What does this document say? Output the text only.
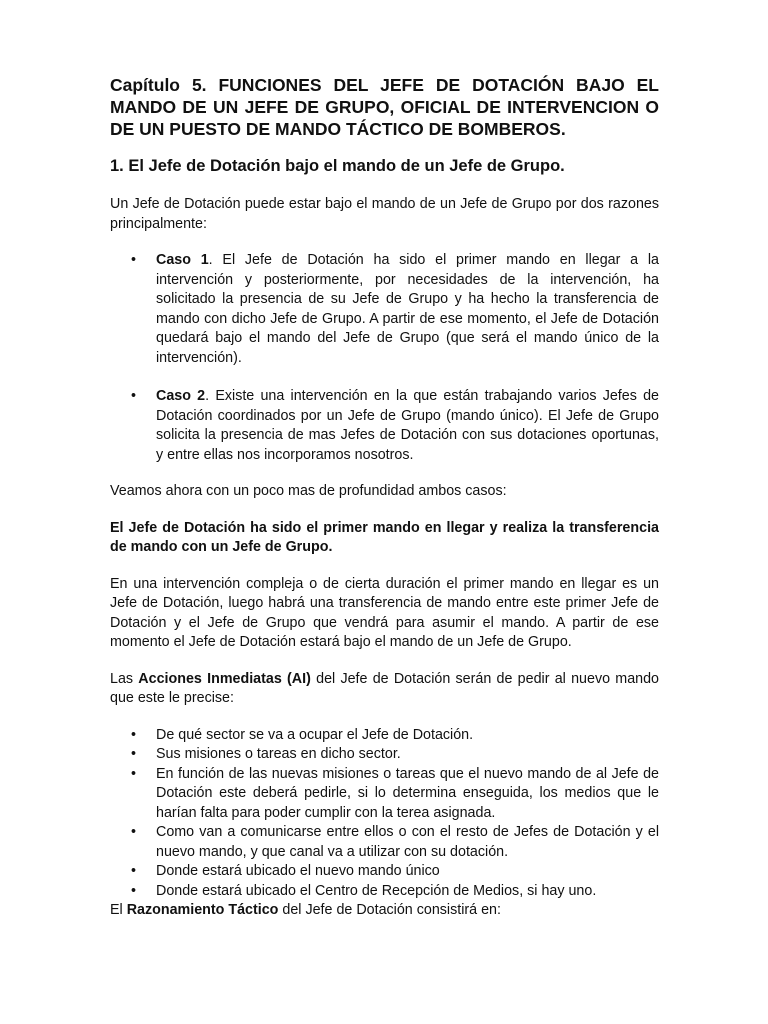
Capítulo 5. FUNCIONES DEL JEFE DE DOTACIÓN BAJO EL MANDO DE UN JEFE DE GRUPO, OFICIAL DE INTERVENCION O DE UN PUESTO DE MANDO TÁCTICO DE BOMBEROS.
1. El Jefe de Dotación bajo el mando de un Jefe de Grupo.

Un Jefe de Dotación puede estar bajo el mando de un Jefe de Grupo por dos razones principalmente:

• Caso 1. El Jefe de Dotación ha sido el primer mando en llegar a la intervención y posteriormente, por necesidades de la intervención, ha solicitado la presencia de su Jefe de Grupo y ha hecho la transferencia de mando con dicho Jefe de Grupo. A partir de ese momento, el Jefe de Dotación quedará bajo el mando del Jefe de Grupo (que será el mando único de la intervención).
• Caso 2. Existe una intervención en la que están trabajando varios Jefes de Dotación coordinados por un Jefe de Grupo (mando único). El Jefe de Grupo solicita la presencia de mas Jefes de Dotación con sus dotaciones oportunas, y entre ellas nos incorporamos nosotros.

Veamos ahora con un poco mas de profundidad ambos casos:

El Jefe de Dotación ha sido el primer mando en llegar y realiza la transferencia de mando con un Jefe de Grupo.

En una intervención compleja o de cierta duración el primer mando en llegar es un Jefe de Dotación, luego habrá una transferencia de mando entre este primer Jefe de Dotación y el Jefe de Grupo que vendrá para asumir el mando. A partir de ese momento el Jefe de Dotación estará bajo el mando de un Jefe de Grupo.

Las Acciones Inmediatas (AI) del Jefe de Dotación serán de pedir al nuevo mando que este le precise:

• De qué sector se va a ocupar el Jefe de Dotación.
• Sus misiones o tareas en dicho sector.
• En función de las nuevas misiones o tareas que el nuevo mando de al Jefe de Dotación este deberá pedirle, si lo determina enseguida, los medios que le harían falta para poder cumplir con la terea asignada.
• Como van a comunicarse entre ellos o con el resto de Jefes de Dotación y el nuevo mando, y que canal va a utilizar con su dotación.
• Donde estará ubicado el nuevo mando único
• Donde estará ubicado el Centro de Recepción de Medios, si hay uno.

El Razonamiento Táctico del Jefe de Dotación consistirá en:
